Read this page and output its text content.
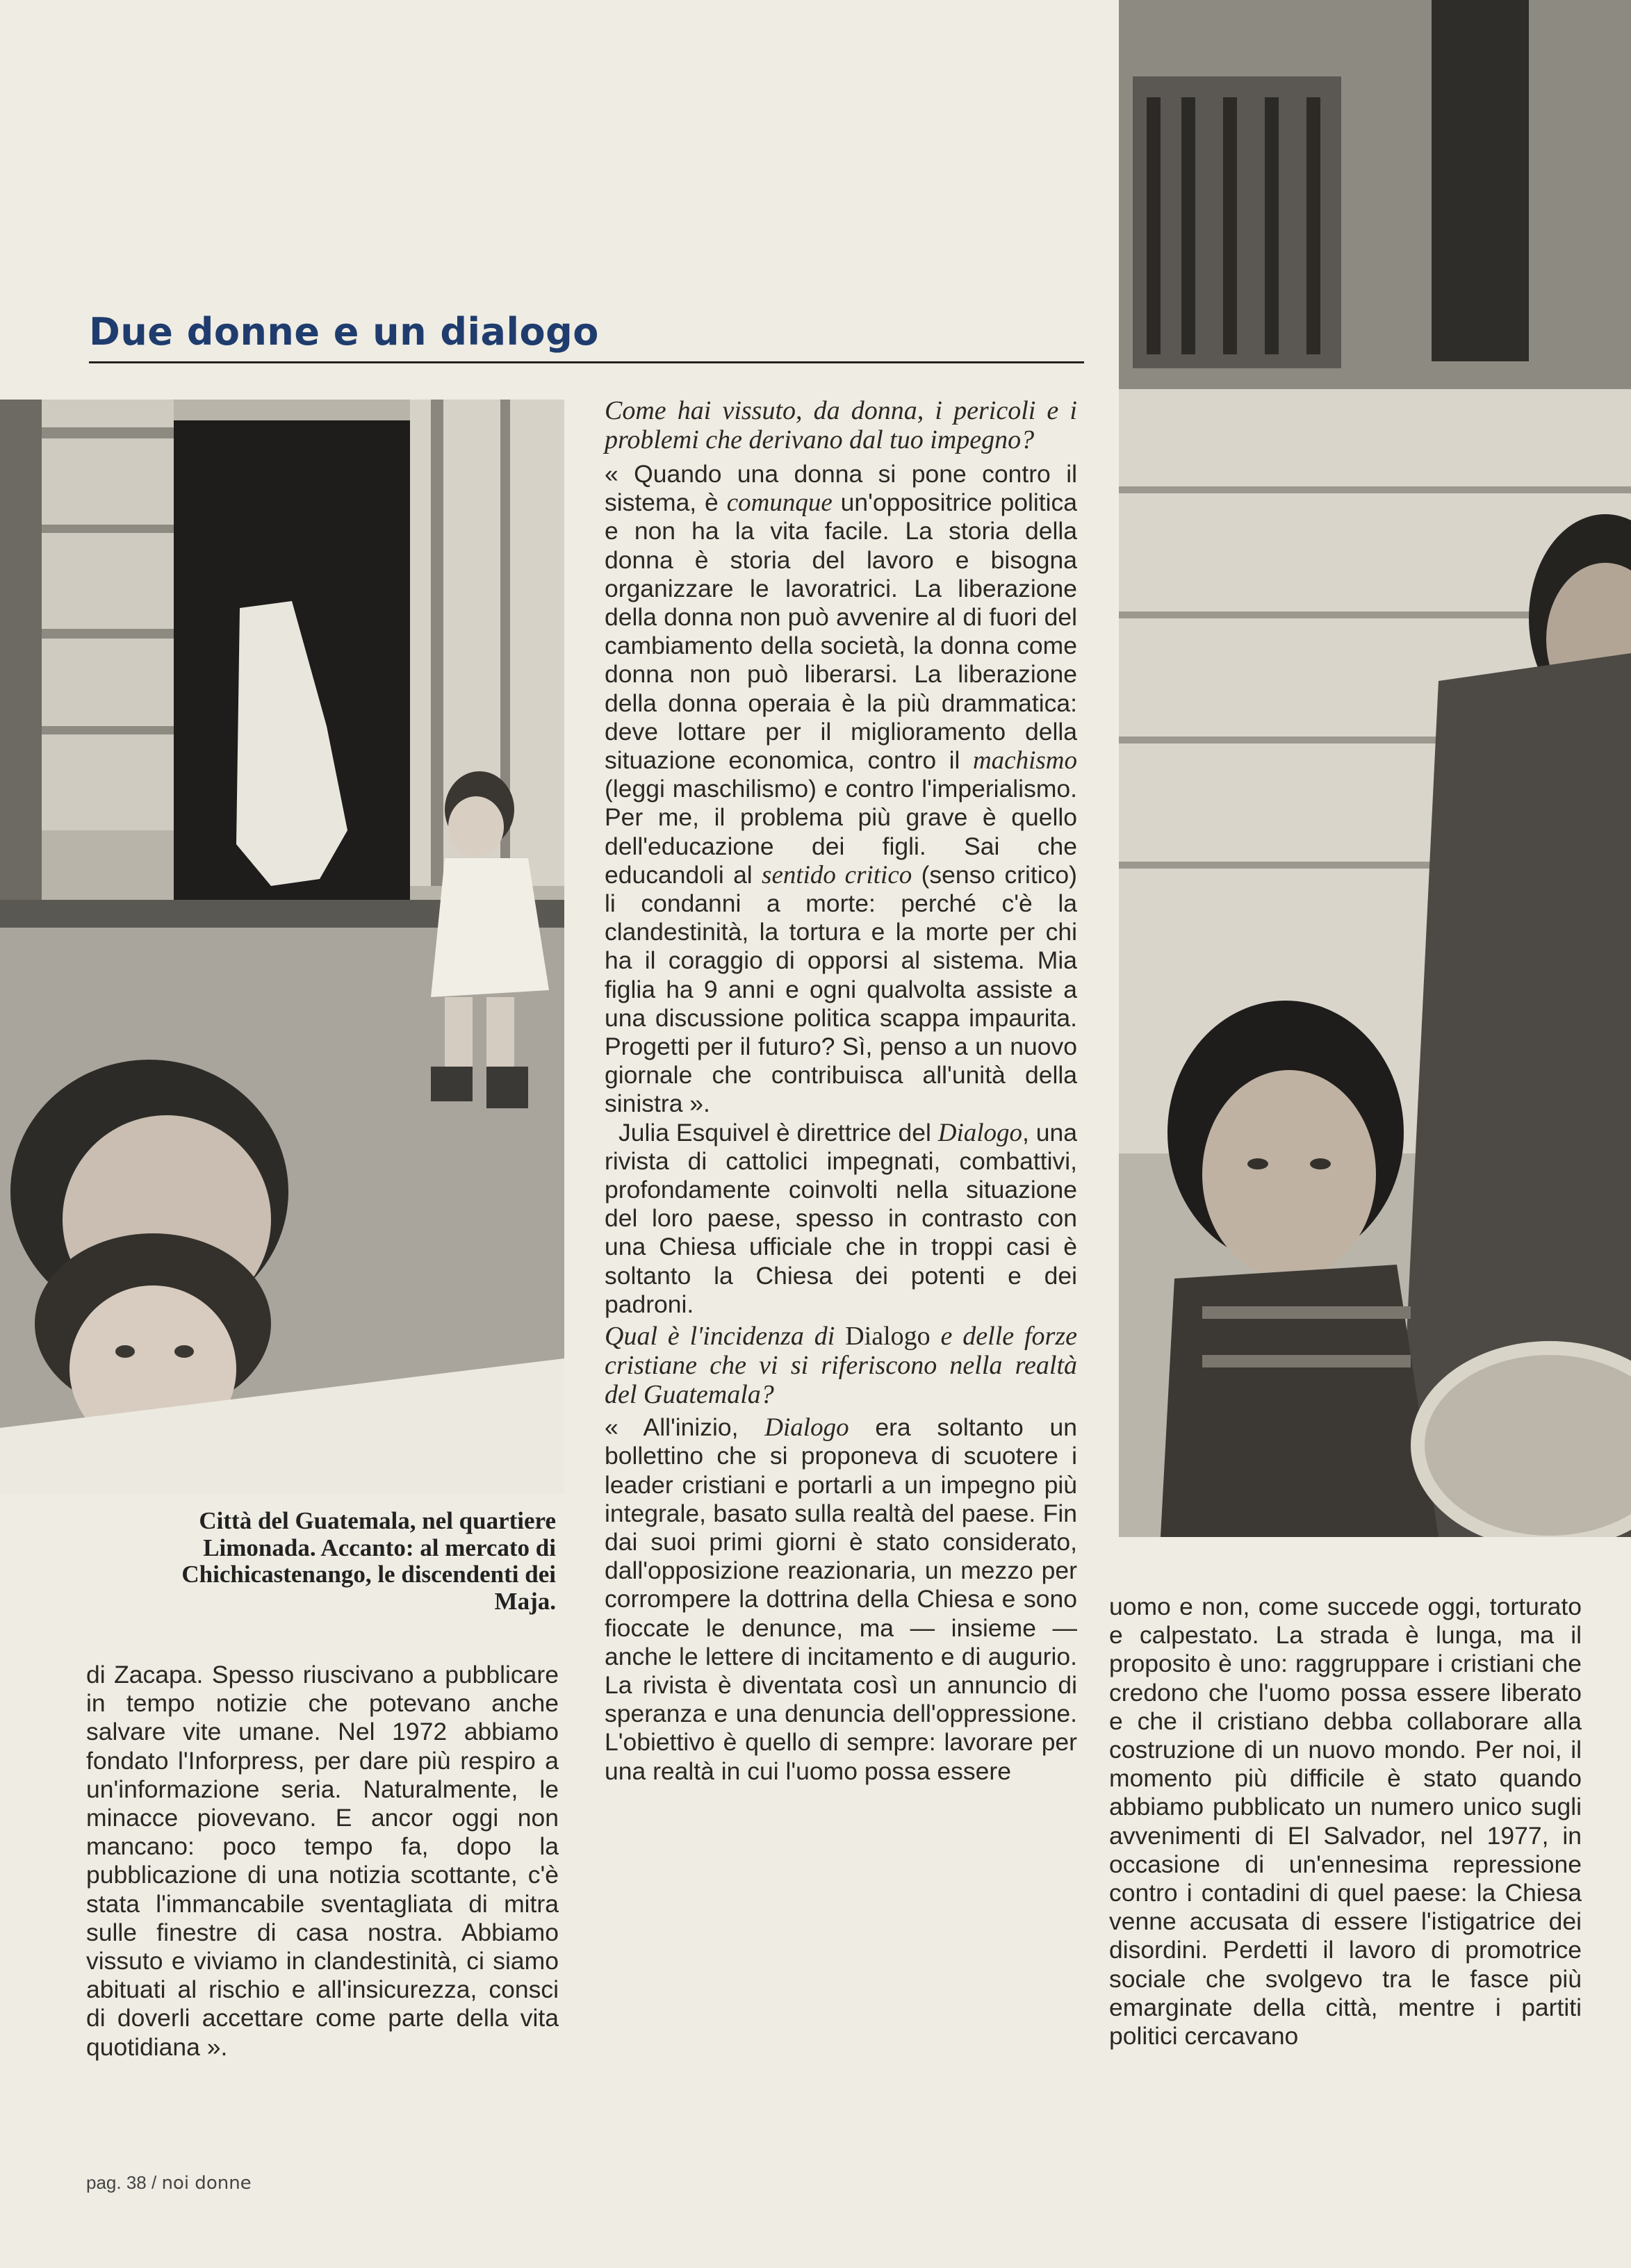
Due donne e un dialogo
Città del Guatemala, nel quartiere Limonada. Accanto: al mercato di Chichicastenango, le discendenti dei Maja.

Come hai vissuto, da donna, i pericoli e i problemi che derivano dal tuo impegno?

« Quando una donna si pone contro il sistema, è comunque un'oppositrice politica e non ha la vita facile. La storia della donna è storia del lavoro e bisogna organizzare le lavoratrici. La liberazione della donna non può avvenire al di fuori del cambiamento della società, la donna come donna non può liberarsi. La liberazione della donna operaia è la più drammatica: deve lottare per il miglioramento della situazione economica, contro il machismo (leggi maschilismo) e contro l'imperialismo. Per me, il problema più grave è quello dell'educazione dei figli. Sai che educandoli al sentido critico (senso critico) li condanni a morte: perché c'è la clandestinità, la tortura e la morte per chi ha il coraggio di opporsi al sistema. Mia figlia ha 9 anni e ogni qualvolta assiste a una discussione politica scappa impaurita. Progetti per il futuro? Sì, penso a un nuovo giornale che contribuisca all'unità della sinistra ».

Julia Esquivel è direttrice del Dialogo, una rivista di cattolici impegnati, combattivi, profondamente coinvolti nella situazione del loro paese, spesso in contrasto con una Chiesa ufficiale che in troppi casi è soltanto la Chiesa dei potenti e dei padroni.

Qual è l'incidenza di Dialogo e delle forze cristiane che vi si riferiscono nella realtà del Guatemala?

« All'inizio, Dialogo era soltanto un bollettino che si proponeva di scuotere i leader cristiani e portarli a un impegno più integrale, basato sulla realtà del paese. Fin dai suoi primi giorni è stato considerato, dall'opposizione reazionaria, un mezzo per corrompere la dottrina della Chiesa e sono fioccate le denunce, ma — insieme — anche le lettere di incitamento e di augurio. La rivista è diventata così un annuncio di speranza e una denuncia dell'oppressione. L'obiettivo è quello di sempre: lavorare per una realtà in cui l'uomo possa essere

di Zacapa. Spesso riuscivano a pubblicare in tempo notizie che potevano anche salvare vite umane. Nel 1972 abbiamo fondato l'Inforpress, per dare più respiro a un'informazione seria. Naturalmente, le minacce piovevano. E ancor oggi non mancano: poco tempo fa, dopo la pubblicazione di una notizia scottante, c'è stata l'immancabile sventagliata di mitra sulle finestre di casa nostra. Abbiamo vissuto e viviamo in clandestinità, ci siamo abituati al rischio e all'insicurezza, consci di doverli accettare come parte della vita quotidiana ».

uomo e non, come succede oggi, torturato e calpestato. La strada è lunga, ma il proposito è uno: raggruppare i cristiani che credono che l'uomo possa essere liberato e che il cristiano debba collaborare alla costruzione di un nuovo mondo. Per noi, il momento più difficile è stato quando abbiamo pubblicato un numero unico sugli avvenimenti di El Salvador, nel 1977, in occasione di un'ennesima repressione contro i contadini di quel paese: la Chiesa venne accusata di essere l'istigatrice dei disordini. Perdetti il lavoro di promotrice sociale che svolgevo tra le fasce più emarginate della città, mentre i partiti politici cercavano

pag. 38 / noi donne
